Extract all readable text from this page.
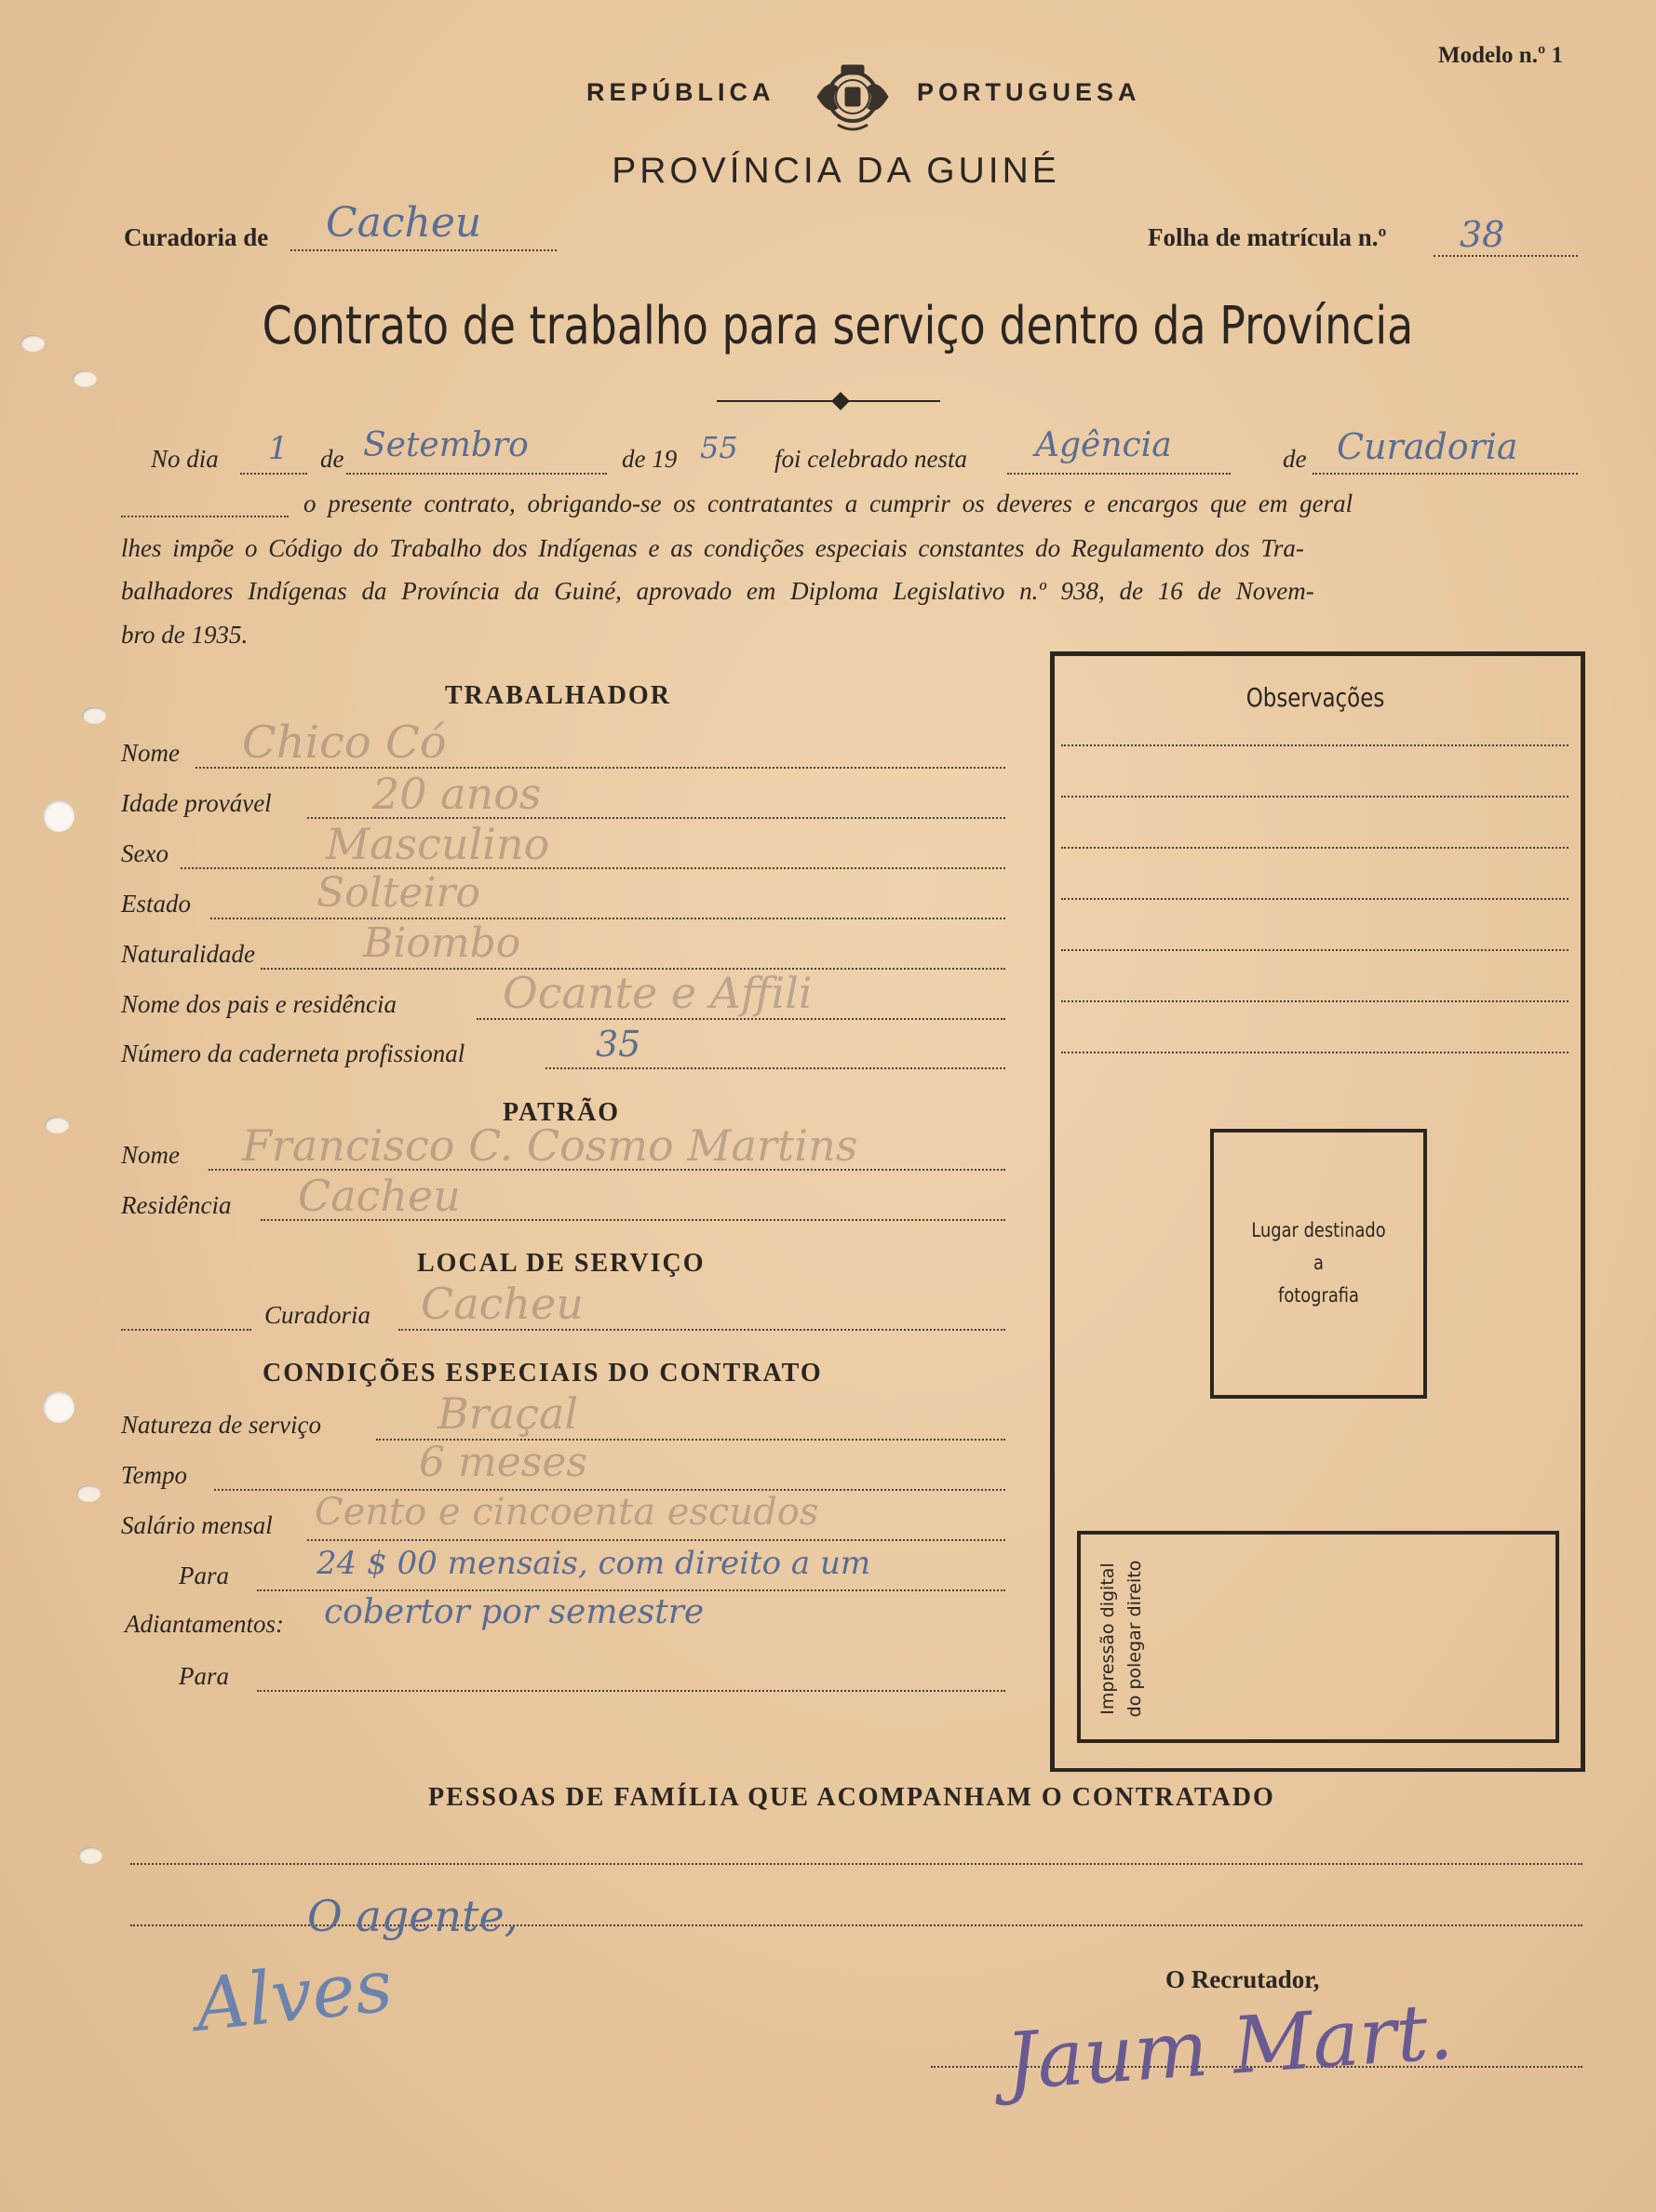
Modelo n.º 1
REPÚBLICA	PORTUGUESA
PROVÍNCIA DA GUINÉ
Curadoria de Cacheu	Folha de matrícula n.º 38
Contrato de trabalho para serviço dentro da Província
No dia 1 de Setembro	de 19 55 foi celebrado nesta Agência	de Curadoria
o presente contrato, obrigando-se os contratantes a cumprir os deveres e encargos que em geral
lhes impõe o Código do Trabalho dos Indígenas e as condições especiais constantes do Regulamento dos Tra-
balhadores Indígenas da Província da Guiné, aprovado em Diploma Legislativo n.º 938, de 16 de Novem-
bro de 1935.
TRABALHADOR
Nome Chico Có
Idade provável 20 anos
Sexo	Masculino
Estado	Solteiro
Naturalidade	Biombo
Nome dos pais e residência Ocante e Affili
Número da caderneta profissional	35
PATRÃO
Nome Francisco C. Cosmo Martins
Residência Cacheu
LOCAL DE SERVIÇO
Curadoria Cacheu
CONDIÇÕES ESPECIAIS DO CONTRATO
Natureza de serviço	Braçal
Tempo	6 meses
Salário mensal Cento e cincoenta escudos
Para	24 $ 00 mensais, com direito a um
Adiantamentos: cobertor por semestre
Para
Observações
Lugar destinado
a
fotografia
Impressão digital do polegar direito
PESSOAS DE FAMÍLIA QUE ACOMPANHAM O CONTRATADO
O agente,
Alves	O Recrutador,
Jaum Mart.
